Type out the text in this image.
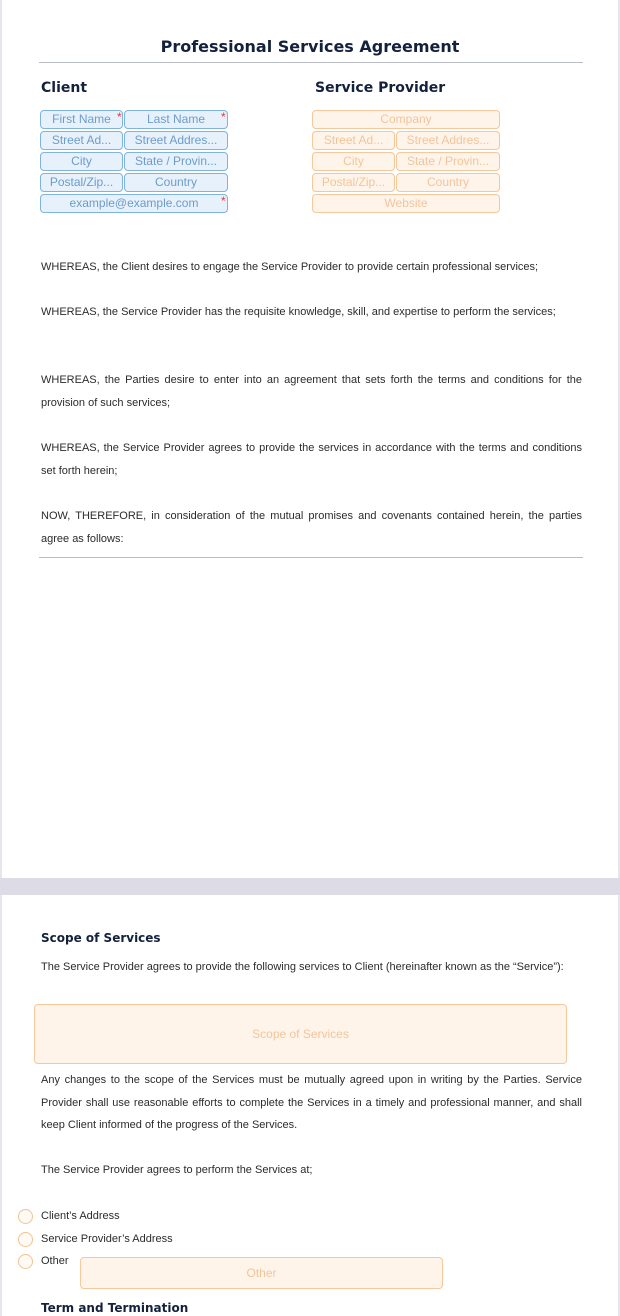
Professional Services Agreement
Client	Service Provider
First Name *	Last Name	*
Street Ad...	Street Addres...
City	State / Provin...
Postal/Zip...	Country
example@example.com	*
Company
Street Ad...	Street Addres...
City	State / Provin...
Postal/Zip...	Country
Website
WHEREAS, the Client desires to engage the Service Provider to provide certain professional services;
WHEREAS, the Service Provider has the requisite knowledge, skill, and expertise to perform the services;
WHEREAS, the Parties desire to enter into an agreement that sets forth the terms and conditions for the provision of such services;
WHEREAS, the Service Provider agrees to provide the services in accordance with the terms and conditions set forth herein;
NOW, THEREFORE, in consideration of the mutual promises and covenants contained herein, the parties agree as follows:
Scope of Services
The Service Provider agrees to provide the following services to Client (hereinafter known as the “Service”):
Scope of Services
Any changes to the scope of the Services must be mutually agreed upon in writing by the Parties. Service Provider shall use reasonable efforts to complete the Services in a timely and professional manner, and shall keep Client informed of the progress of the Services.
The Service Provider agrees to perform the Services at;
Client’s Address
Service Provider’s Address
Other
Other
Term and Termination
